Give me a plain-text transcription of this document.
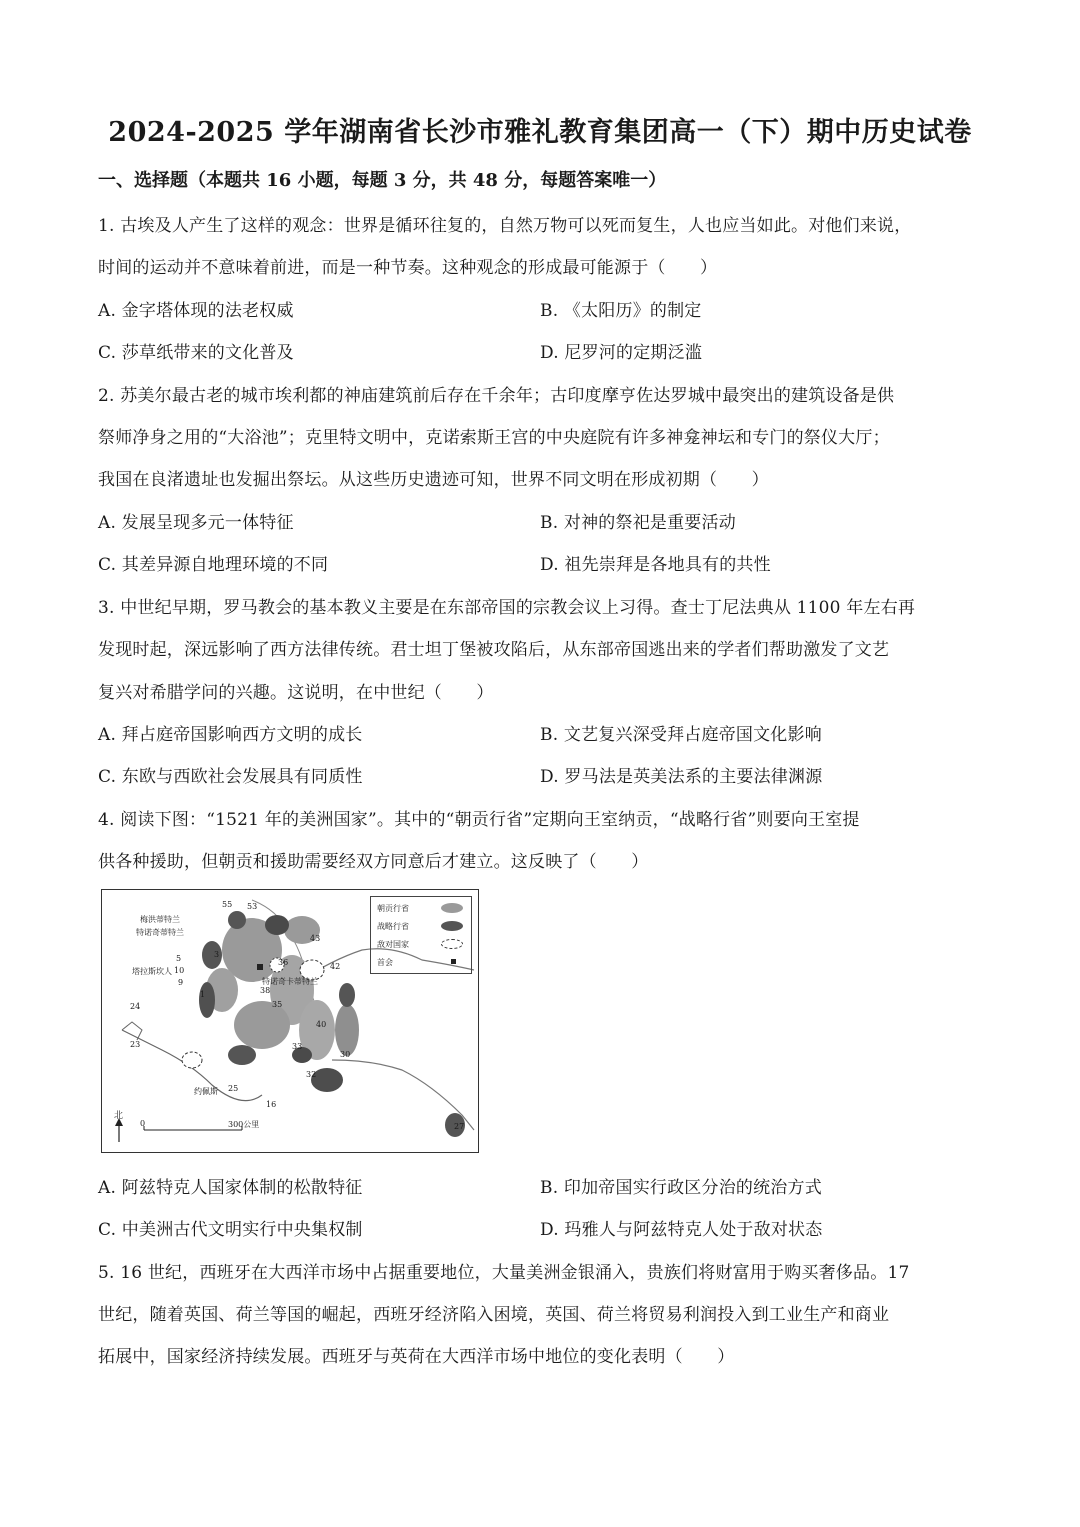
2024-2025 学年湖南省长沙市雅礼教育集团高一（下）期中历史试卷
一、选择题（本题共 16 小题，每题 3 分，共 48 分，每题答案唯一）
1. 古埃及人产生了这样的观念：世界是循环往复的，自然万物可以死而复生，人也应当如此。对他们来说，
时间的运动并不意味着前进，而是一种节奏。这种观念的形成最可能源于（　　）
A. 金字塔体现的法老权威	B. 《太阳历》的制定
C. 莎草纸带来的文化普及	D. 尼罗河的定期泛滥
2. 苏美尔最古老的城市埃利都的神庙建筑前后存在千余年；古印度摩亨佐达罗城中最突出的建筑设备是供
祭师净身之用的“大浴池”；克里特文明中，克诺索斯王宫的中央庭院有许多神龛神坛和专门的祭仪大厅；
我国在良渚遗址也发掘出祭坛。从这些历史遗迹可知，世界不同文明在形成初期（　　）
A. 发展呈现多元一体特征	B. 对神的祭祀是重要活动
C. 其差异源自地理环境的不同	D. 祖先崇拜是各地具有的共性
3. 中世纪早期，罗马教会的基本教义主要是在东部帝国的宗教会议上习得。查士丁尼法典从 1100 年左右再
发现时起，深远影响了西方法律传统。君士坦丁堡被攻陷后，从东部帝国逃出来的学者们帮助激发了文艺
复兴对希腊学问的兴趣。这说明，在中世纪（　　）
A. 拜占庭帝国影响西方文明的成长	B. 文艺复兴深受拜占庭帝国文化影响
C. 东欧与西欧社会发展具有同质性	D. 罗马法是英美法系的主要法律渊源
4. 阅读下图：“1521 年的美洲国家”。其中的“朝贡行省”定期向王室纳贡，“战略行省”则要向王室提
供各种援助，但朝贡和援助需要经双方同意后才建立。这反映了（　　）
朝贡行省
战略行省
敌对国家
首会
梅洪蒂特兰
特诺奇蒂特兰
塔拉斯坎人
约佩斯
特诺奇卡蒂特兰
55 53
43
42
5
10
9
24
23
40
35
38
36
33
30
32
16
25
27
3
1
北
0	300公里
A. 阿兹特克人国家体制的松散特征	B. 印加帝国实行政区分治的统治方式
C. 中美洲古代文明实行中央集权制	D. 玛雅人与阿兹特克人处于敌对状态
5. 16 世纪，西班牙在大西洋市场中占据重要地位，大量美洲金银涌入，贵族们将财富用于购买奢侈品。17
世纪，随着英国、荷兰等国的崛起，西班牙经济陷入困境，英国、荷兰将贸易利润投入到工业生产和商业
拓展中，国家经济持续发展。西班牙与英荷在大西洋市场中地位的变化表明（　　）
